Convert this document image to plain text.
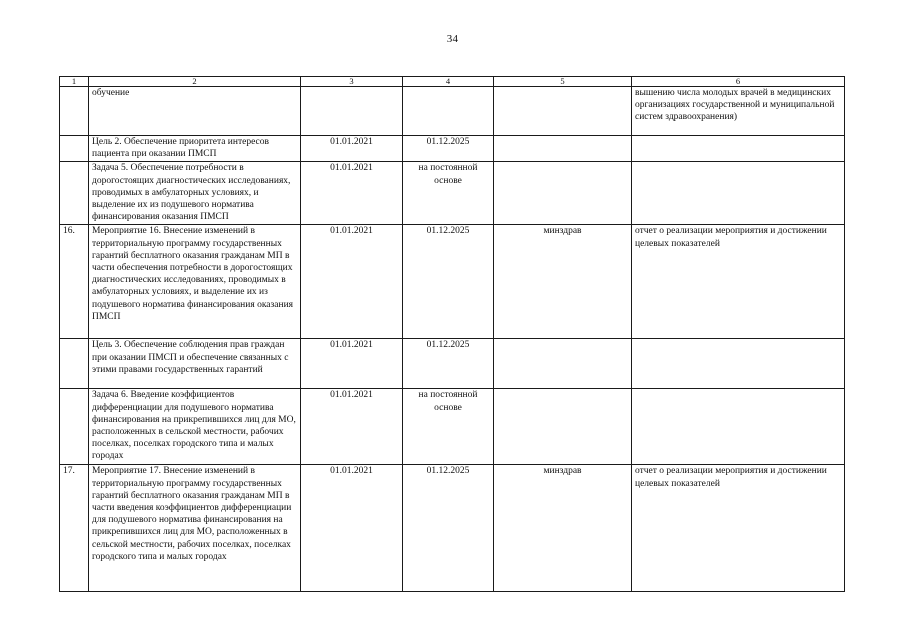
34
1	2	3	4	5	6
	обучение				вышению числа молодых врачей в медицинских организациях государственной и муниципальной систем здравоохранения)
	Цель 2. Обеспечение приоритета интересов пациента при оказании ПМСП	01.01.2021	01.12.2025		
	Задача 5. Обеспечение потребности в дорогостоящих диагностических исследованиях, проводимых в амбулаторных условиях, и выделение их из подушевого норматива финансирования оказания ПМСП	01.01.2021	на постоянной основе		
16.	Мероприятие 16. Внесение изменений в территориальную программу государственных гарантий бесплатного оказания гражданам МП в части обеспечения потребности в дорогостоящих диагностических исследованиях, проводимых в амбулаторных условиях, и выделение их из подушевого норматива финансирования оказания ПМСП	01.01.2021	01.12.2025	минздрав	отчет о реализации мероприятия и достижении целевых показателей
	Цель 3. Обеспечение соблюдения прав граждан при оказании ПМСП и обеспечение связанных с этими правами государственных гарантий	01.01.2021	01.12.2025		
	Задача 6. Введение коэффициентов дифференциации для подушевого норматива финансирования на прикрепившихся лиц для МО, расположенных в сельской местности, рабочих поселках, поселках городского типа и малых городах	01.01.2021	на постоянной основе		
17.	Мероприятие 17. Внесение изменений в территориальную программу государственных гарантий бесплатного оказания гражданам МП в части введения коэффициентов дифференциации для подушевого норматива финансирования на прикрепившихся лиц для МО, расположенных в сельской местности, рабочих поселках, поселках городского типа и малых городах	01.01.2021	01.12.2025	минздрав	отчет о реализации мероприятия и достижении целевых показателей
